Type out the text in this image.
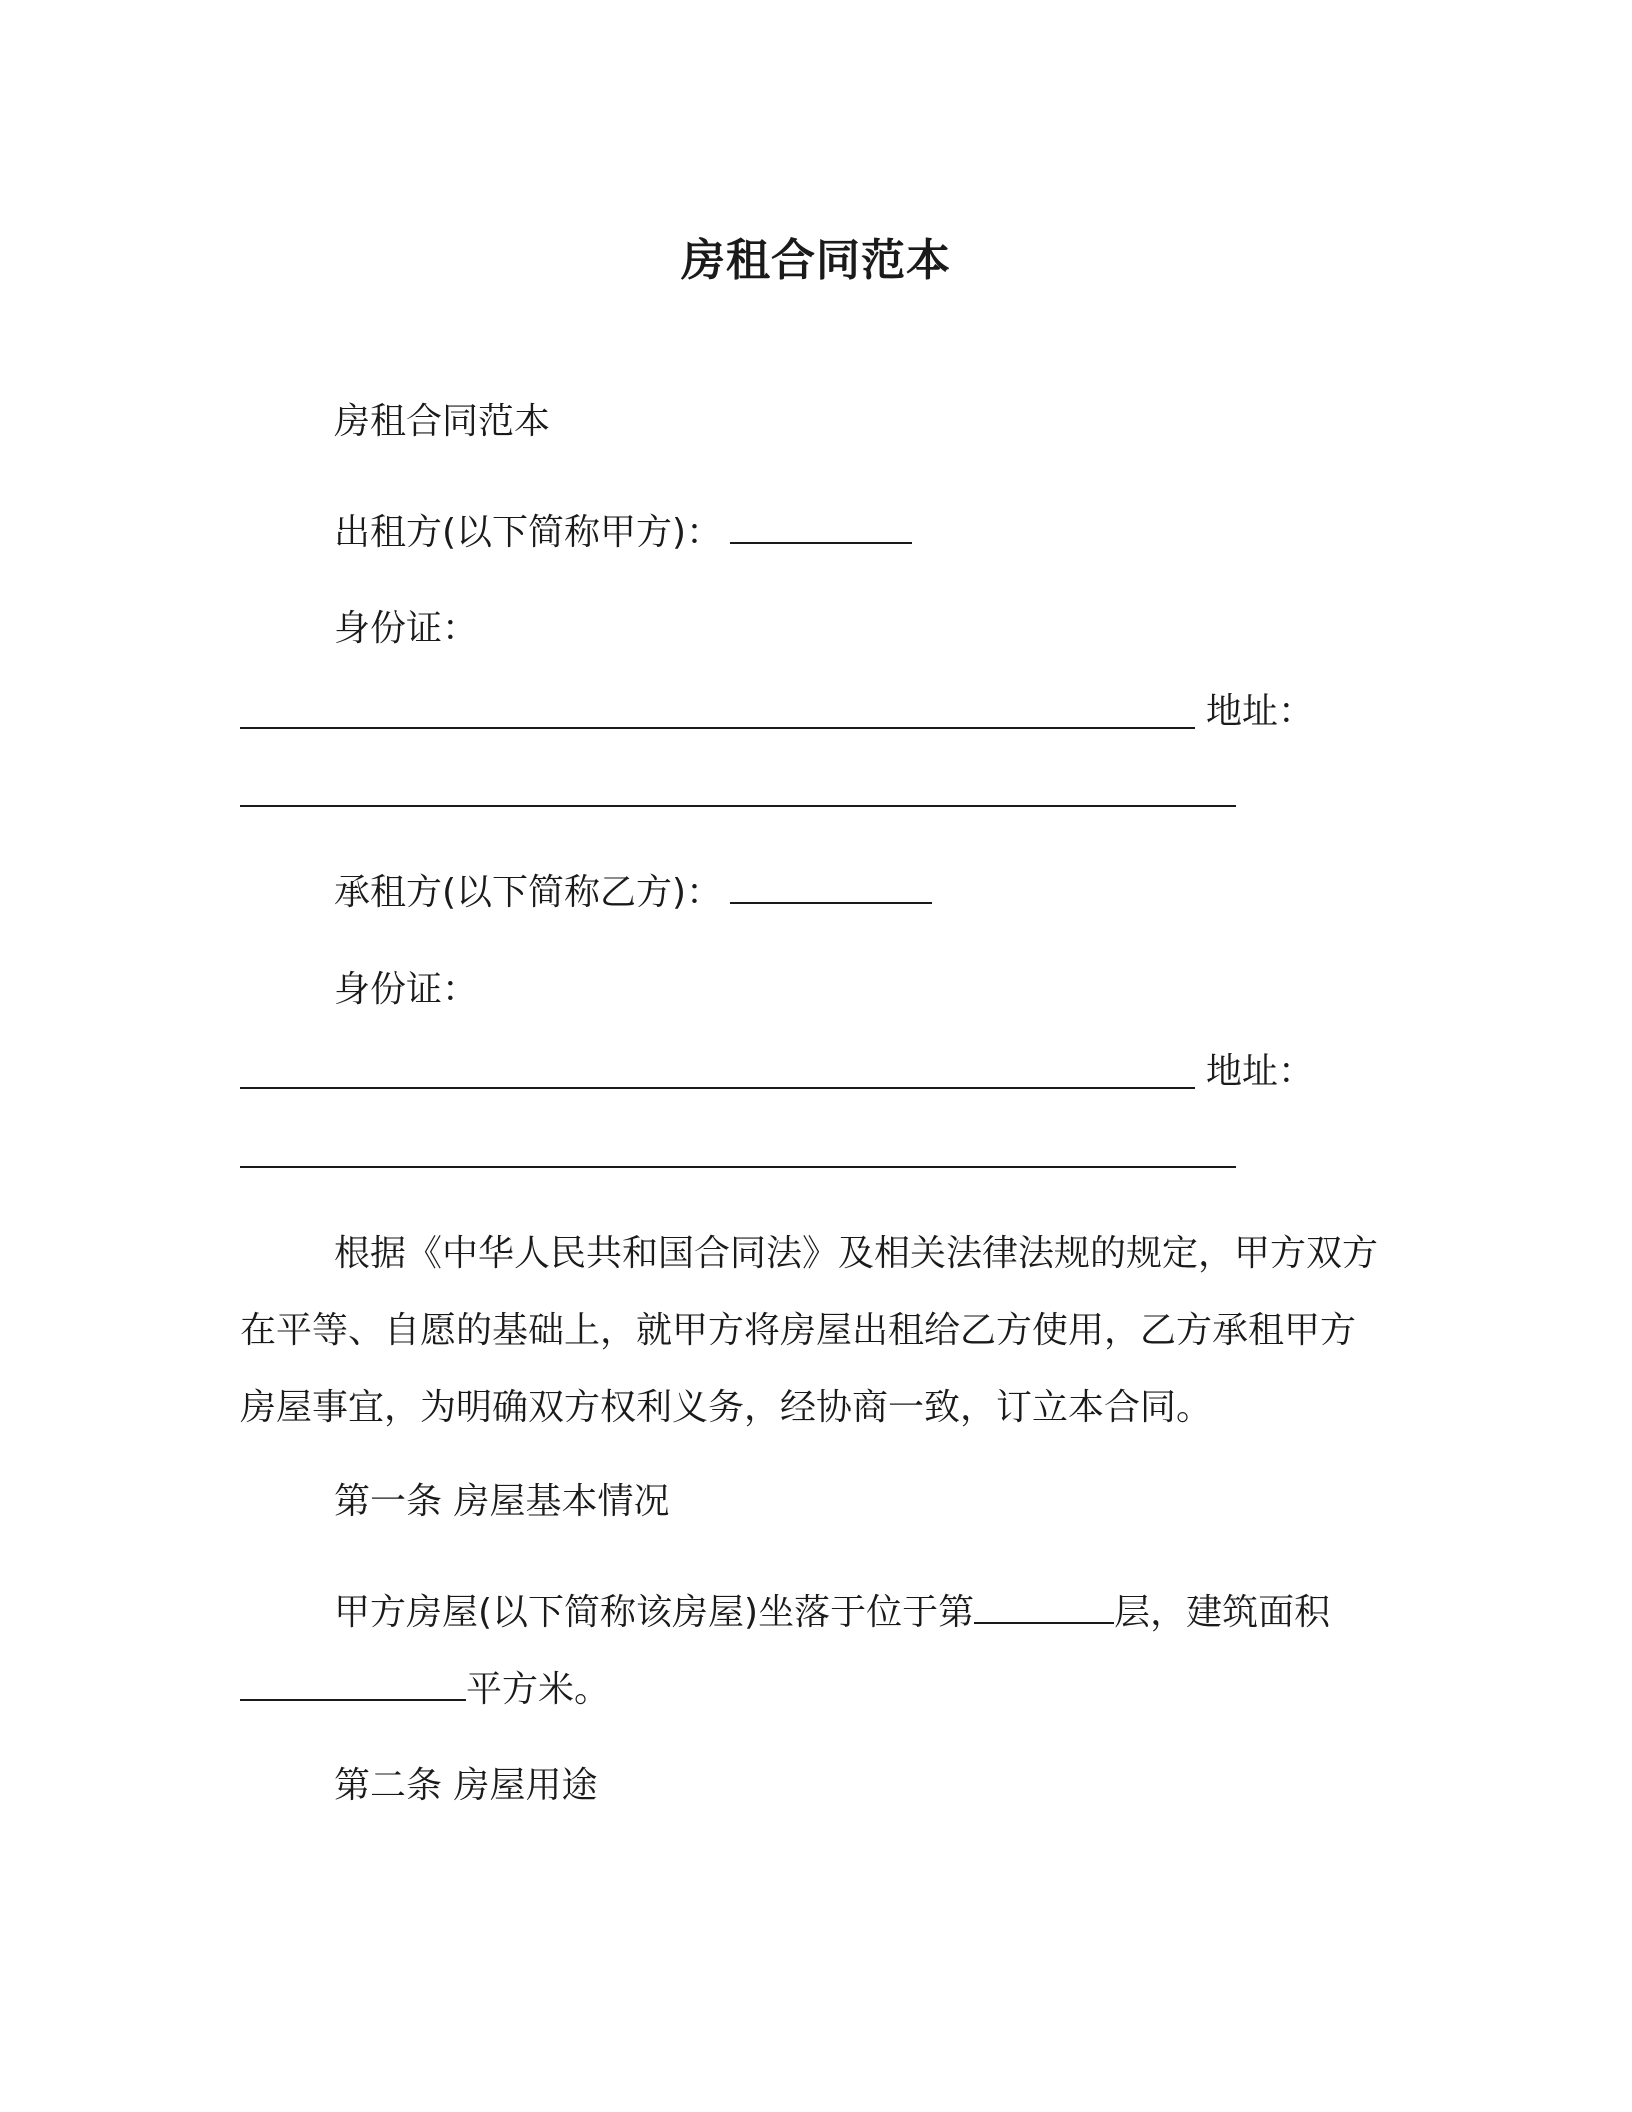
房租合同范本
房租合同范本
出租方(以下简称甲方)：
身份证：
地址：
承租方(以下简称乙方)：
身份证：
地址：
根据《中华人民共和国合同法》及相关法律法规的规定，甲方双方在平等、自愿的基础上，就甲方将房屋出租给乙方使用，乙方承租甲方房屋事宜，为明确双方权利义务，经协商一致，订立本合同。
第一条 房屋基本情况
甲方房屋(以下简称该房屋)坐落于位于第	层，建筑面积
平方米。
第二条 房屋用途
